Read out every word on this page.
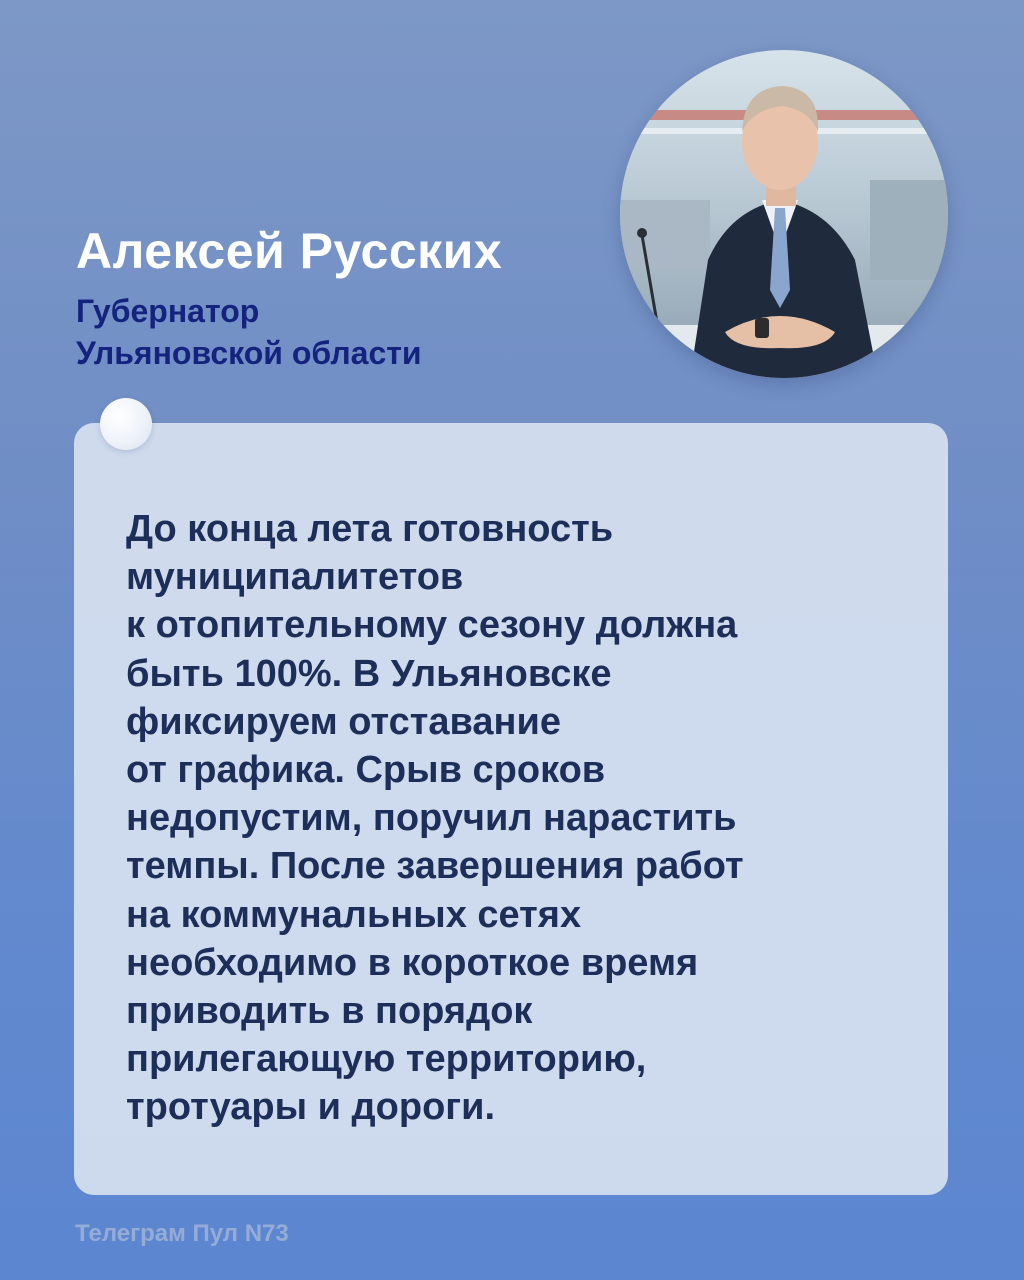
Алексей Русских
Губернатор
Ульяновской области
До конца лета готовность
муниципалитетов
к отопительному сезону должна
быть 100%. В Ульяновске
фиксируем отставание
от графика. Срыв сроков
недопустим, поручил нарастить
темпы. После завершения работ
на коммунальных сетях
необходимо в короткое время
приводить в порядок
прилегающую территорию,
тротуары и дороги.
Телеграм Пул N73
